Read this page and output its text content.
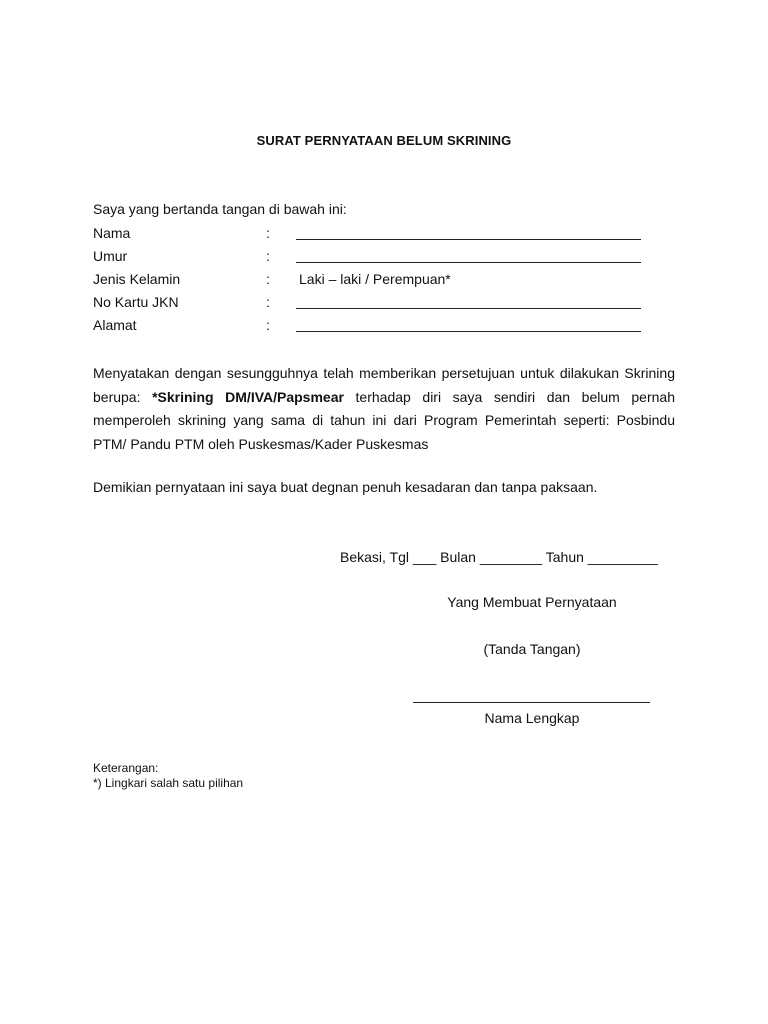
SURAT PERNYATAAN BELUM SKRINING
Saya yang bertanda tangan di bawah ini:
Nama	:
Umur	:
Jenis Kelamin	: Laki – laki / Perempuan*
No Kartu JKN	:
Alamat	:
Menyatakan dengan sesungguhnya telah memberikan persetujuan untuk dilakukan Skrining berupa: *Skrining DM/IVA/Papsmear terhadap diri saya sendiri dan belum pernah memperoleh skrining yang sama di tahun ini dari Program Pemerintah seperti: Posbindu PTM/ Pandu PTM oleh Puskesmas/Kader Puskesmas
Demikian pernyataan ini saya buat degnan penuh kesadaran dan tanpa paksaan.
Bekasi, Tgl ___ Bulan ________ Tahun _________
Yang Membuat Pernyataan
(Tanda Tangan)
Nama Lengkap
Keterangan:
*) Lingkari salah satu pilihan
